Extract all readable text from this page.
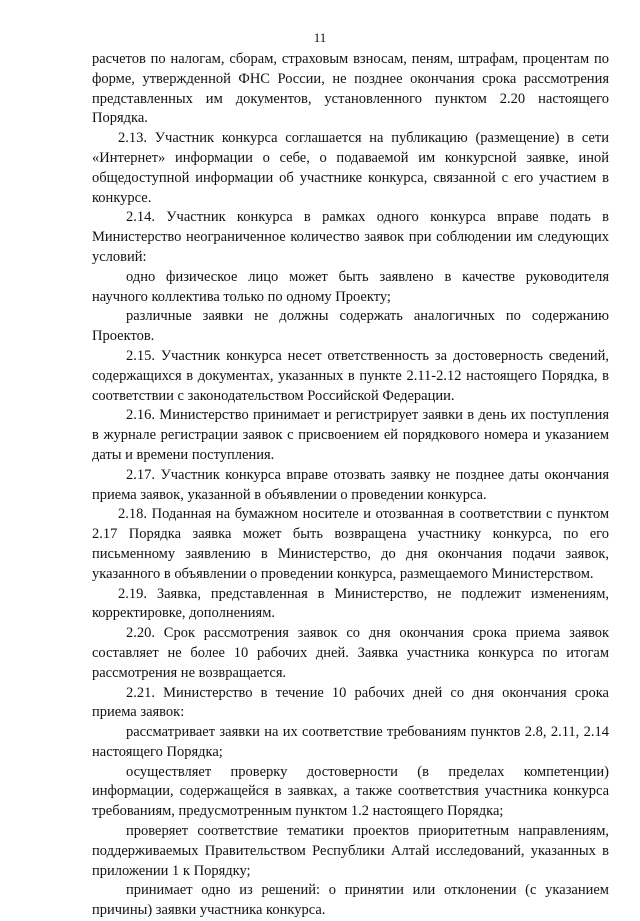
11

расчетов по налогам, сборам, страховым взносам, пеням, штрафам, процентам по форме, утвержденной ФНС России, не позднее окончания срока рассмотрения представленных им документов, установленного пунктом 2.20 настоящего Порядка.

2.13. Участник конкурса соглашается на публикацию (размещение) в сети «Интернет» информации о себе, о подаваемой им конкурсной заявке, иной общедоступной информации об участнике конкурса, связанной с его участием в конкурсе.

2.14. Участник конкурса в рамках одного конкурса вправе подать в Министерство неограниченное количество заявок при соблюдении им следующих условий:

одно физическое лицо может быть заявлено в качестве руководителя научного коллектива только по одному Проекту;

различные заявки не должны содержать аналогичных по содержанию Проектов.

2.15. Участник конкурса несет ответственность за достоверность сведений, содержащихся в документах, указанных в пункте 2.11-2.12 настоящего Порядка, в соответствии с законодательством Российской Федерации.

2.16. Министерство принимает и регистрирует заявки в день их поступления в журнале регистрации заявок с присвоением ей порядкового номера и указанием даты и времени поступления.

2.17. Участник конкурса вправе отозвать заявку не позднее даты окончания приема заявок, указанной в объявлении о проведении конкурса.

2.18. Поданная на бумажном носителе и отозванная в соответствии с пунктом 2.17 Порядка заявка может быть возвращена участнику конкурса, по его письменному заявлению в Министерство, до дня окончания подачи заявок, указанного в объявлении о проведении конкурса, размещаемого Министерством.

2.19. Заявка, представленная в Министерство, не подлежит изменениям, корректировке, дополнениям.

2.20. Срок рассмотрения заявок со дня окончания срока приема заявок составляет не более 10 рабочих дней. Заявка участника конкурса по итогам рассмотрения не возвращается.

2.21. Министерство в течение 10 рабочих дней со дня окончания срока приема заявок:

рассматривает заявки на их соответствие требованиям пунктов 2.8, 2.11, 2.14 настоящего Порядка;

осуществляет проверку достоверности (в пределах компетенции) информации, содержащейся в заявках, а также соответствия участника конкурса требованиям, предусмотренным пунктом 1.2 настоящего Порядка;

проверяет соответствие тематики проектов приоритетным направлениям, поддерживаемых Правительством Республики Алтай исследований, указанных в приложении 1 к Порядку;

принимает одно из решений: о принятии или отклонении (с указанием причины) заявки участника конкурса.
